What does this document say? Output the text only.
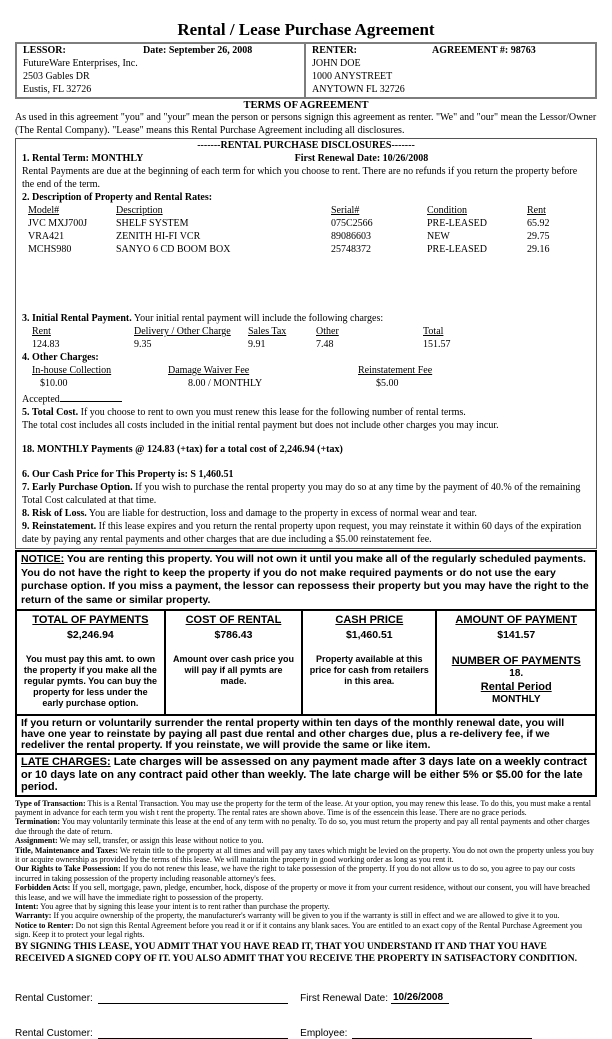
Rental / Lease Purchase Agreement
LESSOR:	Date: September 26, 2008
FutureWare Enterprises, Inc.
2503 Gables DR
Eustis, FL 32726
RENTER:	AGREEMENT #: 98763
JOHN DOE
1000 ANYSTREET
ANYTOWN FL 32726

TERMS OF AGREEMENT

As used in this agreement "you" and "your" mean the person or persons signign this agreement as renter. "We" and "our" mean the Lessor/Owner (The Rental Company). "Lease" means this Rental Purchase Agreement including all disclosures.

-------RENTAL PURCHASE DISCLOSURES-------
1. Rental Term: MONTHLY	First Renewal Date: 10/26/2008
Rental Payments are due at the beginning of each term for which you choose to rent. There are no refunds if you return the property before the end of the term.
2. Description of Property and Rental Rates:
Model#	Description	Serial#	Condition	Rent
JVC MXJ700J	SHELF SYSTEM	075C2566	PRE-LEASED	65.92
VRA421	ZENITH HI-FI VCR	89086603	NEW	29.75
MCHS980	SANYO 6 CD BOOM BOX	25748372	PRE-LEASED	29.16
3. Initial Rental Payment. Your initial rental payment will include the following charges:
Rent	Delivery / Other Charge	Sales Tax	Other	Total
124.83	9.35	9.91	7.48	151.57
4. Other Charges:
In-house Collection	Damage Waiver Fee	Reinstatement Fee
$10.00	8.00 / MONTHLY	$5.00
Accepted
5. Total Cost. If you choose to rent to own you must renew this lease for the following number of rental terms.
The total cost includes all costs included in the initial rental payment but does not include other charges you may incur.
18. MONTHLY Payments @ 124.83 (+tax) for a total cost of 2,246.94 (+tax)
6. Our Cash Price for This Property is: S 1,460.51
7. Early Purchase Option. If you wish to purchase the rental property you may do so at any time by the payment of 40.% of the remaining Total Cost calculated at that time.
8. Risk of Loss. You are liable for destruction, loss and damage to the property in excess of normal wear and tear.
9. Reinstatement. If this lease expires and you return the rental property upon request, you may reinstate it within 60 days of the expiration date by paying any rental payments and other charges that are due including a $5.00 reinstatement fee.
NOTICE: You are renting this property. You will not own it until you make all of the regularly scheduled payments. You do not have the right to keep the property if you do not make required payments or do not use the eary purchase option. If you miss a payment, the lessor can repossess their property but you may have the right to the return of the same or similar property.
TOTAL OF PAYMENTS
$2,246.94
You must pay this amt. to own the property if you make all the regular pymts. You can buy the property for less under the early purchase option.
COST OF RENTAL
$786.43
Amount over cash price you will pay if all pymts are made.
CASH PRICE
$1,460.51
Property available at this price for cash from retailers in this area.
AMOUNT OF PAYMENT
$141.57
NUMBER OF PAYMENTS
18.
Rental Period
MONTHLY
If you return or voluntarily surrender the rental property within ten days of the monthly renewal date, you will have one year to reinstate by paying all past due rental and other charges due, plus a re-delivery fee, if we redeliver the rental property. If you reinstate, we will provide the same or like item.
LATE CHARGES: Late charges will be assessed on any payment made after 3 days late on a weekly contract or 10 days late on any contract paid other than weekly. The late charge will be either 5% or $5.00 for the late period.

Type of Transaction: This is a Rental Transaction. You may use the property for the term of the lease. At your option, you may renew this lease. To do this, you must make a rental payment in advance for each term you wish t rent the property. The rental rates are shown above. Time is of the essencein this lease. There are no grace periods.

Termination: You may voluntarily terminate this lease at the end of any term with no penalty. To do so, you must return the property and pay all rental payments and other charges due through the date of return.

Assignment: We may sell, transfer, or assign this lease without notice to you.

Title, Maintenance and Taxes: We retain title to the property at all times and will pay any taxes which might be levied on the property. You do not own the property unless you buy it or acquire ownership as provided by the terms of this lease. We will maintain the property in good working order as long as you rent it.

Our Rights to Take Possession: If you do not renew this lease, we have the right to take possession of the property. If you do not allow us to do so, you agree to pay our costs incurred in taking possession of the property including reasonable attorney's fees.

Forbidden Acts: If you sell, mortgage, pawn, pledge, encumber, hock, dispose of the property or move it from your current residence, without our consent, you will have breached this lease, and we will have the immediate right to possession of the property.

Intent: You agree that by signing this lease your intent is to rent rather than purchase the property.

Warranty: If you acquire ownership of the property, the manufacturer's warranty will be given to you if the warranty is still in effect and we are allowed to give it to you.

Notice to Renter: Do not sign this Rental Agreement before you read it or if it contains any blank saces. You are entitled to an exact copy of the Rental Purchase Agreement you sign. Keep it to protect your legal rights.

BY SIGNING THIS LEASE, YOU ADMIT THAT YOU HAVE READ IT, THAT YOU UNDERSTAND IT AND THAT YOU HAVE RECEIVED A SIGNED COPY OF IT. YOU ALSO ADMIT THAT YOU RECEIVE THE PROPERTY IN SATISFACTORY CONDITION.

Rental Customer:	First Renewal Date: 10/26/2008
Rental Customer:	Employee:
